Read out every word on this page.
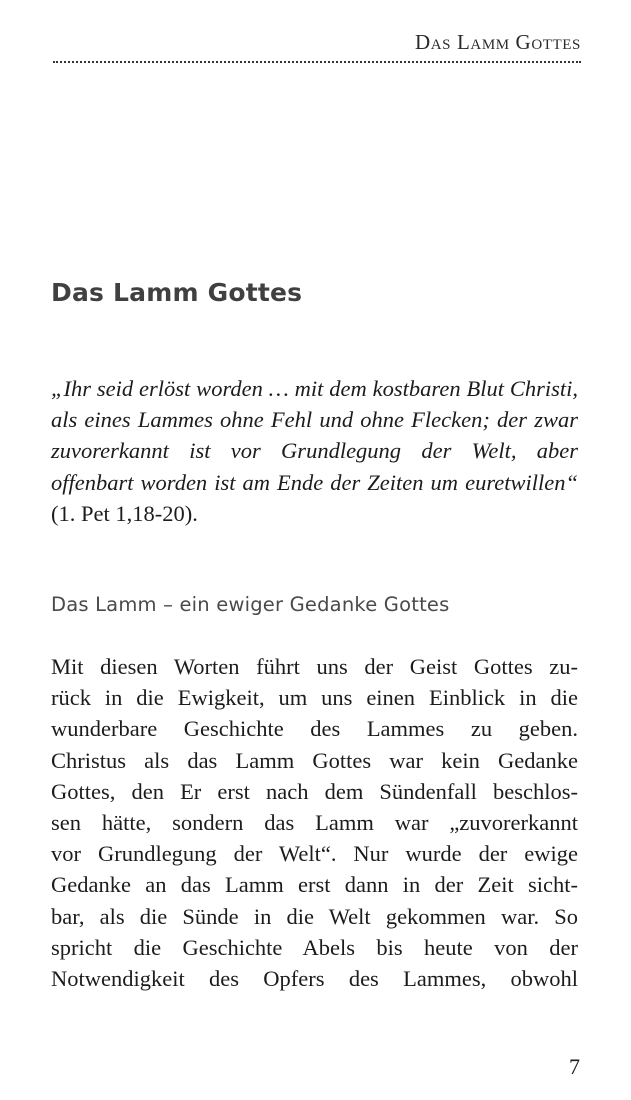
Das Lamm Gottes
Das Lamm Gottes

„Ihr seid erlöst worden … mit dem kostbaren Blut Christi, als eines Lammes ohne Fehl und ohne Flecken; der zwar zuvorerkannt ist vor Grundlegung der Welt, aber offenbart worden ist am Ende der Zeiten um euretwillen“ (1. Pet 1,18-20).

Das Lamm – ein ewiger Gedanke Gottes
Mit diesen Worten führt uns der Geist Gottes zu-
rück in die Ewigkeit, um uns einen Einblick in die
wunderbare Geschichte des Lammes zu geben.
Christus als das Lamm Gottes war kein Gedanke
Gottes, den Er erst nach dem Sündenfall beschlos-
sen hätte, sondern das Lamm war „zuvorerkannt
vor Grundlegung der Welt“. Nur wurde der ewige
Gedanke an das Lamm erst dann in der Zeit sicht-
bar, als die Sünde in die Welt gekommen war. So
spricht die Geschichte Abels bis heute von der
Notwendigkeit des Opfers des Lammes, obwohl
7
